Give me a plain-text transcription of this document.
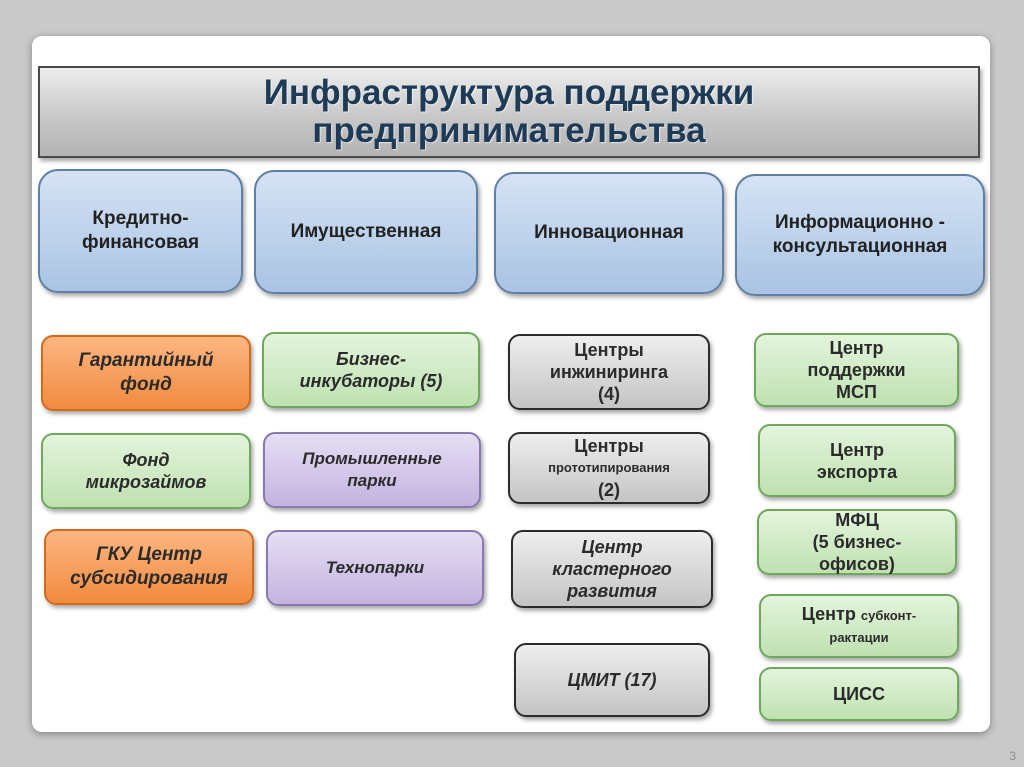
Инфраструктура поддержки
предпринимательства
Кредитно-
финансовая
Имущественная	Инновационная	Информационно -
консультационная
Гарантийный
фонд
Фонд
микрозаймов
ГКУ Центр
субсидирования
Бизнес-
инкубаторы (5)
Промышленные
парки
Технопарки
Центры
инжиниринга
(4)
Центры
прототипирования
(2)
Центр
кластерного
развития
ЦМИТ (17)
Центр
поддержки
МСП
Центр
экспорта
МФЦ
(5 бизнес-
офисов)
Центр субконт-
рактации
ЦИСС
3
